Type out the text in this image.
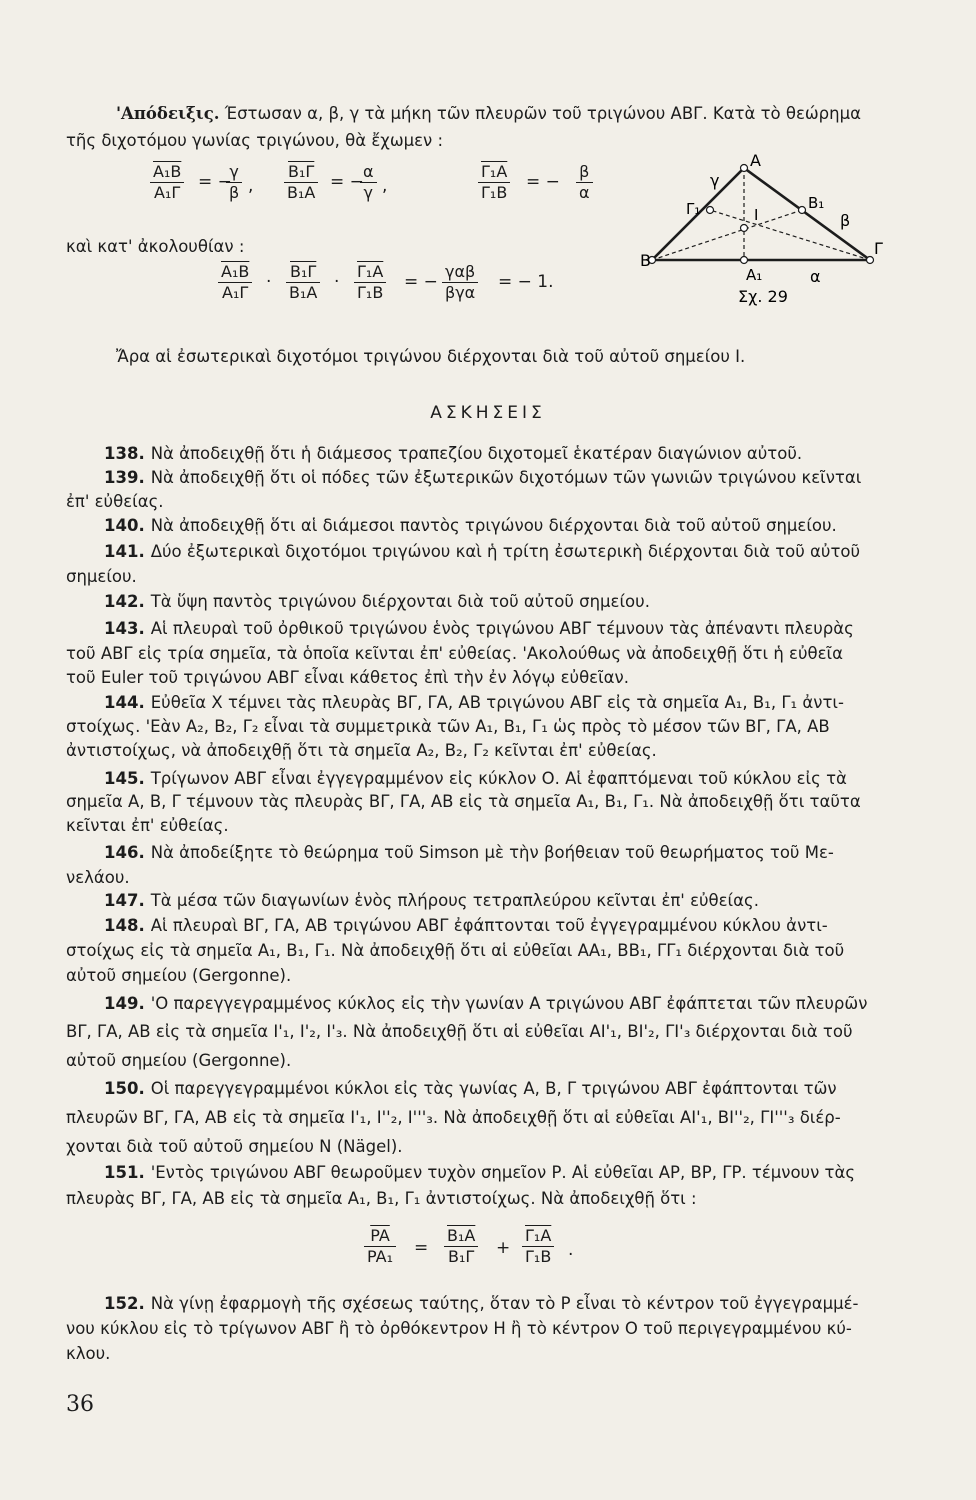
'Απόδειξις. Έστωσαν α, β, γ τὰ μήκη τῶν πλευρῶν τοῦ τριγώνου ΑΒΓ. Κατὰ τὸ θεώρημα
τῆς διχοτόμου γωνίας τριγώνου, θὰ ἔχωμεν :
$\frac{\text{A₁B}}{\text{A₁Γ}}$ = −
$\frac{\gamma}{\beta}$ , $\frac{\text{B₁Γ}}{\text{B₁A}}$ = −
$\frac{\alpha}{\gamma}$ ,	$\frac{\text{Γ₁A}}{\text{Γ₁B}}$ = − $\frac{\beta}{\alpha}$
καὶ κατ' ἀκολουθίαν :
$\frac{\text{A₁B}}{\text{A₁Γ}} \cdot \frac{\text{B₁Γ}}{\text{B₁A}} \cdot \frac{\text{Γ₁A}}{\text{Γ₁B}}$ = −
γαβ
βγα
= − 1.
Ἄρα αἱ ἐσωτερικαὶ διχοτόμοι τριγώνου διέρχονται διὰ τοῦ αὐτοῦ σημείου I.
A
B
Γ
A₁
B₁
Γ₁	I
α
β
γ
Σχ. 29
ΑΣΚΗΣΕΙΣ
138. Νὰ ἀποδειχθῇ ὅτι ἡ διάμεσος τραπεζίου διχοτομεῖ ἑκατέραν διαγώνιον αὐτοῦ.
139. Νὰ ἀποδειχθῇ ὅτι οἱ πόδες τῶν ἐξωτερικῶν διχοτόμων τῶν γωνιῶν τριγώνου κεῖνται
ἐπ' εὐθείας.
140. Νὰ ἀποδειχθῇ ὅτι αἱ διάμεσοι παντὸς τριγώνου διέρχονται διὰ τοῦ αὐτοῦ σημείου.
141. Δύο ἐξωτερικαὶ διχοτόμοι τριγώνου καὶ ἡ τρίτη ἐσωτερικὴ διέρχονται διὰ τοῦ αὐτοῦ
σημείου.
142. Τὰ ὕψη παντὸς τριγώνου διέρχονται διὰ τοῦ αὐτοῦ σημείου.
143. Αἱ πλευραὶ τοῦ ὀρθικοῦ τριγώνου ἑνὸς τριγώνου ΑΒΓ τέμνουν τὰς ἀπέναντι πλευρὰς
τοῦ ΑΒΓ εἰς τρία σημεῖα, τὰ ὁποῖα κεῖνται ἐπ' εὐθείας. 'Ακολούθως νὰ ἀποδειχθῇ ὅτι ἡ εὐθεῖα
τοῦ Euler τοῦ τριγώνου ΑΒΓ εἶναι κάθετος ἐπὶ τὴν ἐν λόγῳ εὐθεῖαν.
144. Εὐθεῖα Χ τέμνει τὰς πλευρὰς ΒΓ, ΓΑ, ΑΒ τριγώνου ΑΒΓ εἰς τὰ σημεῖα Α₁, Β₁, Γ₁ ἀντι-
στοίχως. 'Εὰν Α₂, Β₂, Γ₂ εἶναι τὰ συμμετρικὰ τῶν Α₁, Β₁, Γ₁ ὡς πρὸς τὸ μέσον τῶν ΒΓ, ΓΑ, ΑΒ
ἀντιστοίχως, νὰ ἀποδειχθῇ ὅτι τὰ σημεῖα Α₂, Β₂, Γ₂ κεῖνται ἐπ' εὐθείας.
145. Τρίγωνον ΑΒΓ εἶναι ἐγγεγραμμένον εἰς κύκλον Ο. Αἱ ἐφαπτόμεναι τοῦ κύκλου εἰς τὰ
σημεῖα Α, Β, Γ τέμνουν τὰς πλευρὰς ΒΓ, ΓΑ, ΑΒ εἰς τὰ σημεῖα Α₁, Β₁, Γ₁. Νὰ ἀποδειχθῇ ὅτι ταῦτα
κεῖνται ἐπ' εὐθείας.
146. Νὰ ἀποδείξητε τὸ θεώρημα τοῦ Simson μὲ τὴν βοήθειαν τοῦ θεωρήματος τοῦ Με-
νελάου.
147. Τὰ μέσα τῶν διαγωνίων ἑνὸς πλήρους τετραπλεύρου κεῖνται ἐπ' εὐθείας.
148. Αἱ πλευραὶ ΒΓ, ΓΑ, ΑΒ τριγώνου ΑΒΓ ἐφάπτονται τοῦ ἐγγεγραμμένου κύκλου ἀντι-
στοίχως εἰς τὰ σημεῖα Α₁, Β₁, Γ₁. Νὰ ἀποδειχθῇ ὅτι αἱ εὐθεῖαι ΑΑ₁, ΒΒ₁, ΓΓ₁ διέρχονται διὰ τοῦ
αὐτοῦ σημείου (Gergonne).
149. 'Ο παρεγγεγραμμένος κύκλος εἰς τὴν γωνίαν Α τριγώνου ΑΒΓ ἐφάπτεται τῶν πλευρῶν
ΒΓ, ΓΑ, ΑΒ εἰς τὰ σημεῖα Ι'₁, Ι'₂, Ι'₃. Νὰ ἀποδειχθῇ ὅτι αἱ εὐθεῖαι ΑΙ'₁, ΒΙ'₂, ΓΙ'₃ διέρχονται διὰ τοῦ
αὐτοῦ σημείου (Gergonne).
150. Οἱ παρεγγεγραμμένοι κύκλοι εἰς τὰς γωνίας Α, Β, Γ τριγώνου ΑΒΓ ἐφάπτονται τῶν
πλευρῶν ΒΓ, ΓΑ, ΑΒ εἰς τὰ σημεῖα Ι'₁, Ι''₂, Ι'''₃. Νὰ ἀποδειχθῇ ὅτι αἱ εὐθεῖαι ΑΙ'₁, ΒΙ''₂, ΓΙ'''₃ διέρ-
χονται διὰ τοῦ αὐτοῦ σημείου Ν (Nägel).
151. 'Εντὸς τριγώνου ΑΒΓ θεωροῦμεν τυχὸν σημεῖον Ρ. Αἱ εὐθεῖαι ΑΡ, ΒΡ, ΓΡ. τέμνουν τὰς
πλευρὰς ΒΓ, ΓΑ, ΑΒ εἰς τὰ σημεῖα Α₁, Β₁, Γ₁ ἀντιστοίχως. Νὰ ἀποδειχθῇ ὅτι :
$\frac{\overline{PA}}{\text{PA₁}} = \frac{\text{B₁A}}{\text{B₁Γ}} + \frac{\text{Γ₁A}}{\text{Γ₁B}}$ .
152. Νὰ γίνῃ ἐφαρμογὴ τῆς σχέσεως ταύτης, ὅταν τὸ Ρ εἶναι τὸ κέντρον τοῦ ἐγγεγραμμέ-
νου κύκλου εἰς τὸ τρίγωνον ΑΒΓ ἢ τὸ ὀρθόκεντρον Η ἢ τὸ κέντρον Ο τοῦ περιγεγραμμένου κύ-
κλου.
36
